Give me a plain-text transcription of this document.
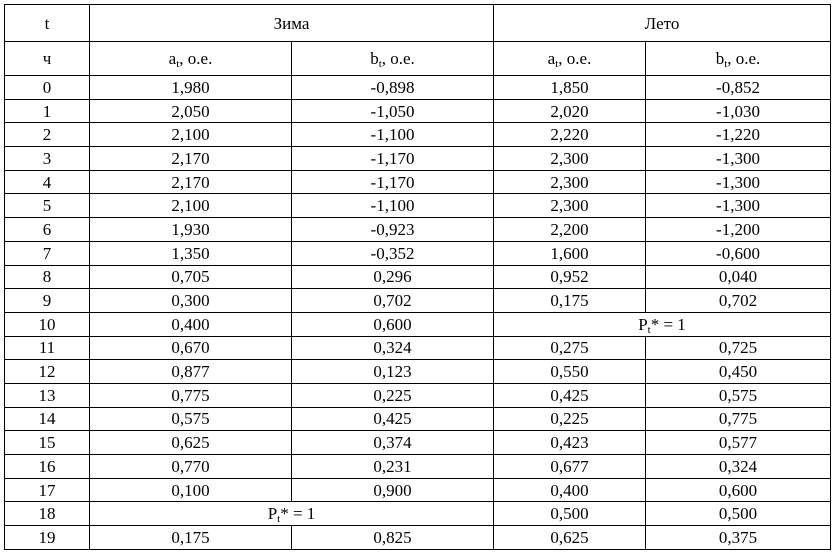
t	Зима		Лето	
ч	$a_t$, о.е.	$b_t$, о.е.	$a_t$, о.е.	$b_t$, о.е.
0	1,980	-0,898	1,850	-0,852
1	2,050	-1,050	2,020	-1,030
2	2,100	-1,100	2,220	-1,220
3	2,170	-1,170	2,300	-1,300
4	2,170	-1,170	2,300	-1,300
5	2,100	-1,100	2,300	-1,300
6	1,930	-0,923	2,200	-1,200
7	1,350	-0,352	1,600	-0,600
8	0,705	0,296	0,952	0,040
9	0,300	0,702	0,175	0,702
10	0,400	0,600	$P_t* = 1$	
11	0,670	0,324	0,275	0,725
12	0,877	0,123	0,550	0,450
13	0,775	0,225	0,425	0,575
14	0,575	0,425	0,225	0,775
15	0,625	0,374	0,423	0,577
16	0,770	0,231	0,677	0,324
17	0,100	0,900	0,400	0,600
18	$P_t* = 1$		0,500	0,500
19	0,175	0,825	0,625	0,375
